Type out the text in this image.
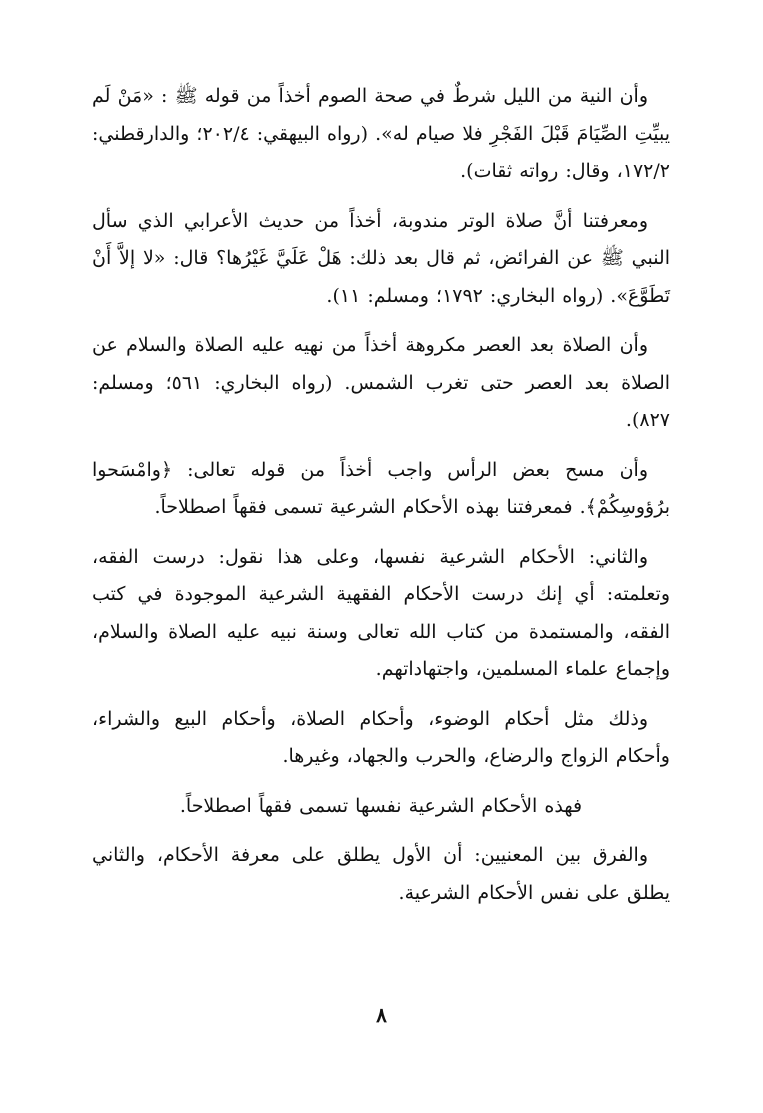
وأن النية من الليل شرطٌ في صحة الصوم أخذاً من قوله ﷺ : «مَنْ لَم يبيِّتِ الصِّيَامَ قَبْلَ الفَجْرِ فلا صيام له». (رواه البيهقي: ٢٠٢/٤؛ والدارقطني: ١٧٢/٢، وقال: رواته ثقات).

ومعرفتنا أنَّ صلاة الوتر مندوبة، أخذاً من حديث الأعرابي الذي سأل النبي ﷺ عن الفرائض، ثم قال بعد ذلك: هَلْ عَلَيَّ غَيْرُها؟ قال: «لا إلاَّ أَنْ تَطَوَّعَ». (رواه البخاري: ١٧٩٢؛ ومسلم: ١١).

وأن الصلاة بعد العصر مكروهة أخذاً من نهيه عليه الصلاة والسلام عن الصلاة بعد العصر حتى تغرب الشمس. (رواه البخاري: ٥٦١؛ ومسلم: ٨٢٧).

وأن مسح بعض الرأس واجب أخذاً من قوله تعالى: ﴿وامْسَحوا برُؤوسِكُمْ﴾. فمعرفتنا بهذه الأحكام الشرعية تسمى فقهاً اصطلاحاً.

والثاني: الأحكام الشرعية نفسها، وعلى هذا نقول: درست الفقه، وتعلمته: أي إنك درست الأحكام الفقهية الشرعية الموجودة في كتب الفقه، والمستمدة من كتاب الله تعالى وسنة نبيه عليه الصلاة والسلام، وإجماع علماء المسلمين، واجتهاداتهم.

وذلك مثل أحكام الوضوء، وأحكام الصلاة، وأحكام البيع والشراء، وأحكام الزواج والرضاع، والحرب والجهاد، وغيرها.

فهذه الأحكام الشرعية نفسها تسمى فقهاً اصطلاحاً.

والفرق بين المعنيين: أن الأول يطلق على معرفة الأحكام، والثاني يطلق على نفس الأحكام الشرعية.

٨
